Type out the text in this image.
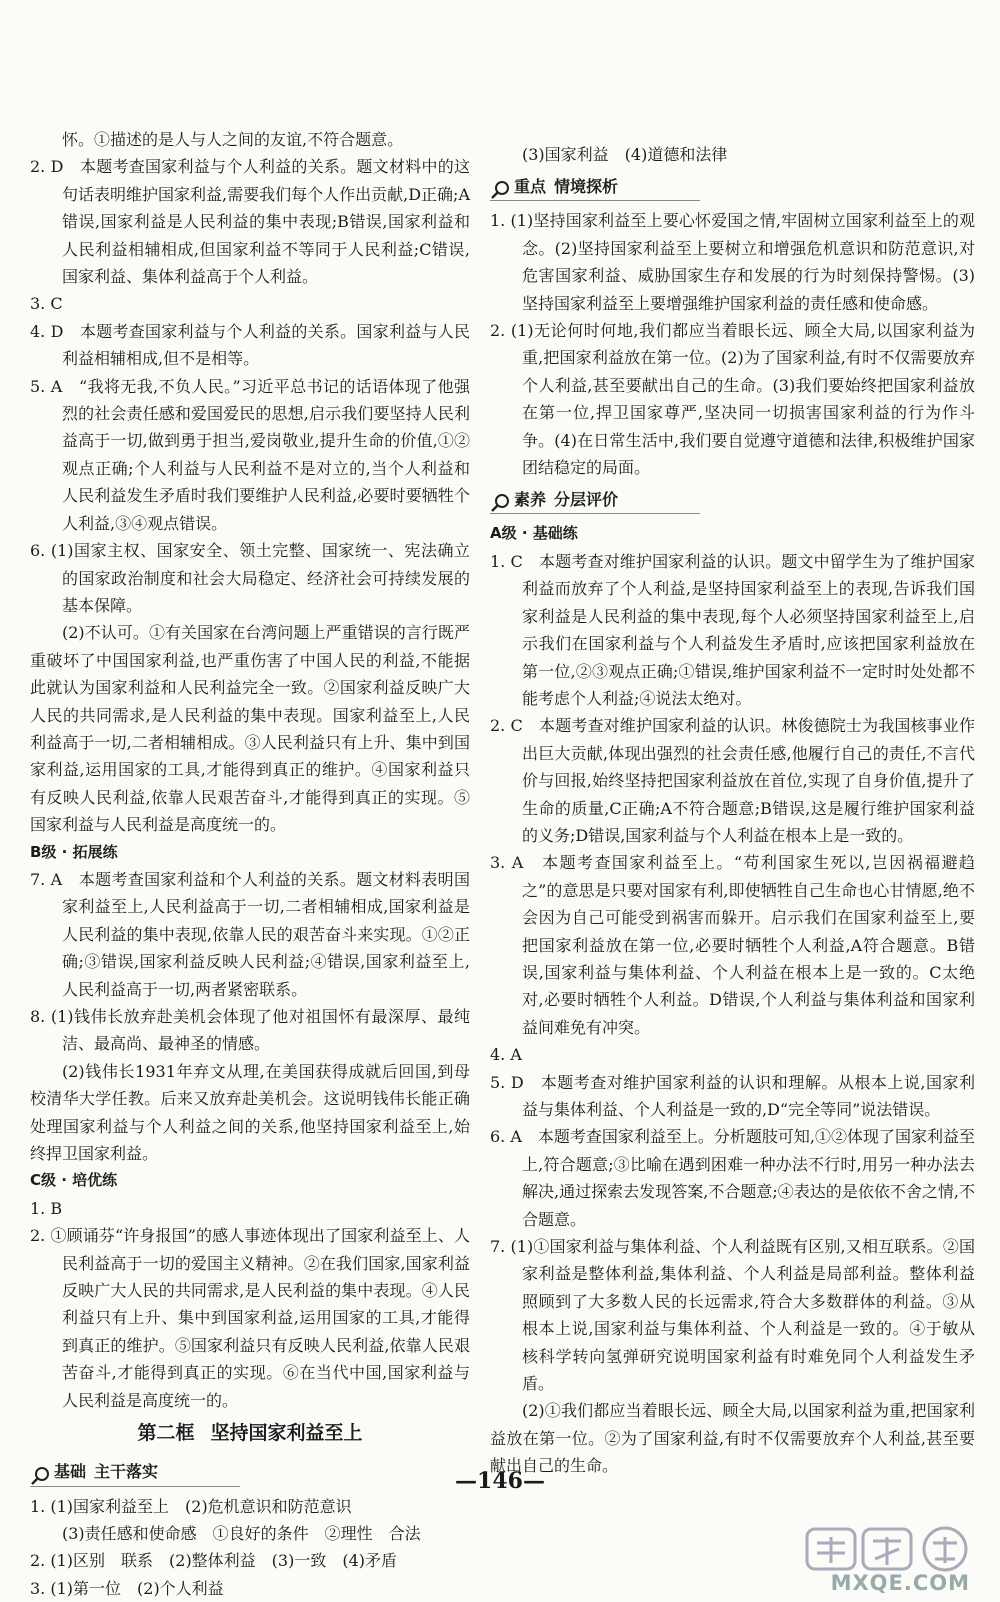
怀。①描述的是人与人之间的友谊,不符合题意。

2. D　本题考查国家利益与个人利益的关系。题文材料中的这句话表明维护国家利益,需要我们每个人作出贡献,D正确;A错误,国家利益是人民利益的集中表现;B错误,国家利益和人民利益相辅相成,但国家利益不等同于人民利益;C错误,国家利益、集体利益高于个人利益。

3. C

4. D　本题考查国家利益与个人利益的关系。国家利益与人民利益相辅相成,但不是相等。

5. A　“我将无我,不负人民。”习近平总书记的话语体现了他强烈的社会责任感和爱国爱民的思想,启示我们要坚持人民利益高于一切,做到勇于担当,爱岗敬业,提升生命的价值,①②观点正确;个人利益与人民利益不是对立的,当个人利益和人民利益发生矛盾时我们要维护人民利益,必要时要牺牲个人利益,③④观点错误。

6. (1)国家主权、国家安全、领土完整、国家统一、宪法确立的国家政治制度和社会大局稳定、经济社会可持续发展的基本保障。

(2)不认可。①有关国家在台湾问题上严重错误的言行既严重破坏了中国国家利益,也严重伤害了中国人民的利益,不能据此就认为国家利益和人民利益完全一致。②国家利益反映广大人民的共同需求,是人民利益的集中表现。国家利益至上,人民利益高于一切,二者相辅相成。③人民利益只有上升、集中到国家利益,运用国家的工具,才能得到真正的维护。④国家利益只有反映人民利益,依靠人民艰苦奋斗,才能得到真正的实现。⑤国家利益与人民利益是高度统一的。

B级 · 拓展练

7. A　本题考查国家利益和个人利益的关系。题文材料表明国家利益至上,人民利益高于一切,二者相辅相成,国家利益是人民利益的集中表现,依靠人民的艰苦奋斗来实现。①②正确;③错误,国家利益反映人民利益;④错误,国家利益至上,人民利益高于一切,两者紧密联系。

8. (1)钱伟长放弃赴美机会体现了他对祖国怀有最深厚、最纯洁、最高尚、最神圣的情感。

(2)钱伟长1931年弃文从理,在美国获得成就后回国,到母校清华大学任教。后来又放弃赴美机会。这说明钱伟长能正确处理国家利益与个人利益之间的关系,他坚持国家利益至上,始终捍卫国家利益。

C级 · 培优练

1. B

2. ①顾诵芬“许身报国”的感人事迹体现出了国家利益至上、人民利益高于一切的爱国主义精神。②在我们国家,国家利益反映广大人民的共同需求,是人民利益的集中表现。④人民利益只有上升、集中到国家利益,运用国家的工具,才能得到真正的维护。⑤国家利益只有反映人民利益,依靠人民艰苦奋斗,才能得到真正的实现。⑥在当代中国,国家利益与人民利益是高度统一的。

第二框 坚持国家利益至上
基础 主干落实

1. (1)国家利益至上　(2)危机意识和防范意识

(3)责任感和使命感　①良好的条件　②理性　合法

2. (1)区别　联系　(2)整体利益　(3)一致　(4)矛盾

3. (1)第一位　(2)个人利益

(3)国家利益　(4)道德和法律

重点 情境探析

1. (1)坚持国家利益至上要心怀爱国之情,牢固树立国家利益至上的观念。(2)坚持国家利益至上要树立和增强危机意识和防范意识,对危害国家利益、威胁国家生存和发展的行为时刻保持警惕。(3)坚持国家利益至上要增强维护国家利益的责任感和使命感。

2. (1)无论何时何地,我们都应当着眼长远、顾全大局,以国家利益为重,把国家利益放在第一位。(2)为了国家利益,有时不仅需要放弃个人利益,甚至要献出自己的生命。(3)我们要始终把国家利益放在第一位,捍卫国家尊严,坚决同一切损害国家利益的行为作斗争。(4)在日常生活中,我们要自觉遵守道德和法律,积极维护国家团结稳定的局面。

素养 分层评价

A级 · 基础练

1. C　本题考查对维护国家利益的认识。题文中留学生为了维护国家利益而放弃了个人利益,是坚持国家利益至上的表现,告诉我们国家利益是人民利益的集中表现,每个人必须坚持国家利益至上,启示我们在国家利益与个人利益发生矛盾时,应该把国家利益放在第一位,②③观点正确;①错误,维护国家利益不一定时时处处都不能考虑个人利益;④说法太绝对。

2. C　本题考查对维护国家利益的认识。林俊德院士为我国核事业作出巨大贡献,体现出强烈的社会责任感,他履行自己的责任,不言代价与回报,始终坚持把国家利益放在首位,实现了自身价值,提升了生命的质量,C正确;A不符合题意;B错误,这是履行维护国家利益的义务;D错误,国家利益与个人利益在根本上是一致的。

3. A　本题考查国家利益至上。“苟利国家生死以,岂因祸福避趋之”的意思是只要对国家有利,即使牺牲自己生命也心甘情愿,绝不会因为自己可能受到祸害而躲开。启示我们在国家利益至上,要把国家利益放在第一位,必要时牺牲个人利益,A符合题意。B错误,国家利益与集体利益、个人利益在根本上是一致的。C太绝对,必要时牺牲个人利益。D错误,个人利益与集体利益和国家利益间难免有冲突。

4. A

5. D　本题考查对维护国家利益的认识和理解。从根本上说,国家利益与集体利益、个人利益是一致的,D“完全等同”说法错误。

6. A　本题考查国家利益至上。分析题肢可知,①②体现了国家利益至上,符合题意;③比喻在遇到困难一种办法不行时,用另一种办法去解决,通过探索去发现答案,不合题意;④表达的是依依不舍之情,不合题意。

7. (1)①国家利益与集体利益、个人利益既有区别,又相互联系。②国家利益是整体利益,集体利益、个人利益是局部利益。整体利益照顾到了大多数人民的长远需求,符合大多数群体的利益。③从根本上说,国家利益与集体利益、个人利益是一致的。④于敏从核科学转向氢弹研究说明国家利益有时难免同个人利益发生矛盾。

(2)①我们都应当着眼长远、顾全大局,以国家利益为重,把国家利益放在第一位。②为了国家利益,有时不仅需要放弃个人利益,甚至要献出自己的生命。

—146—
MXQE.COM
